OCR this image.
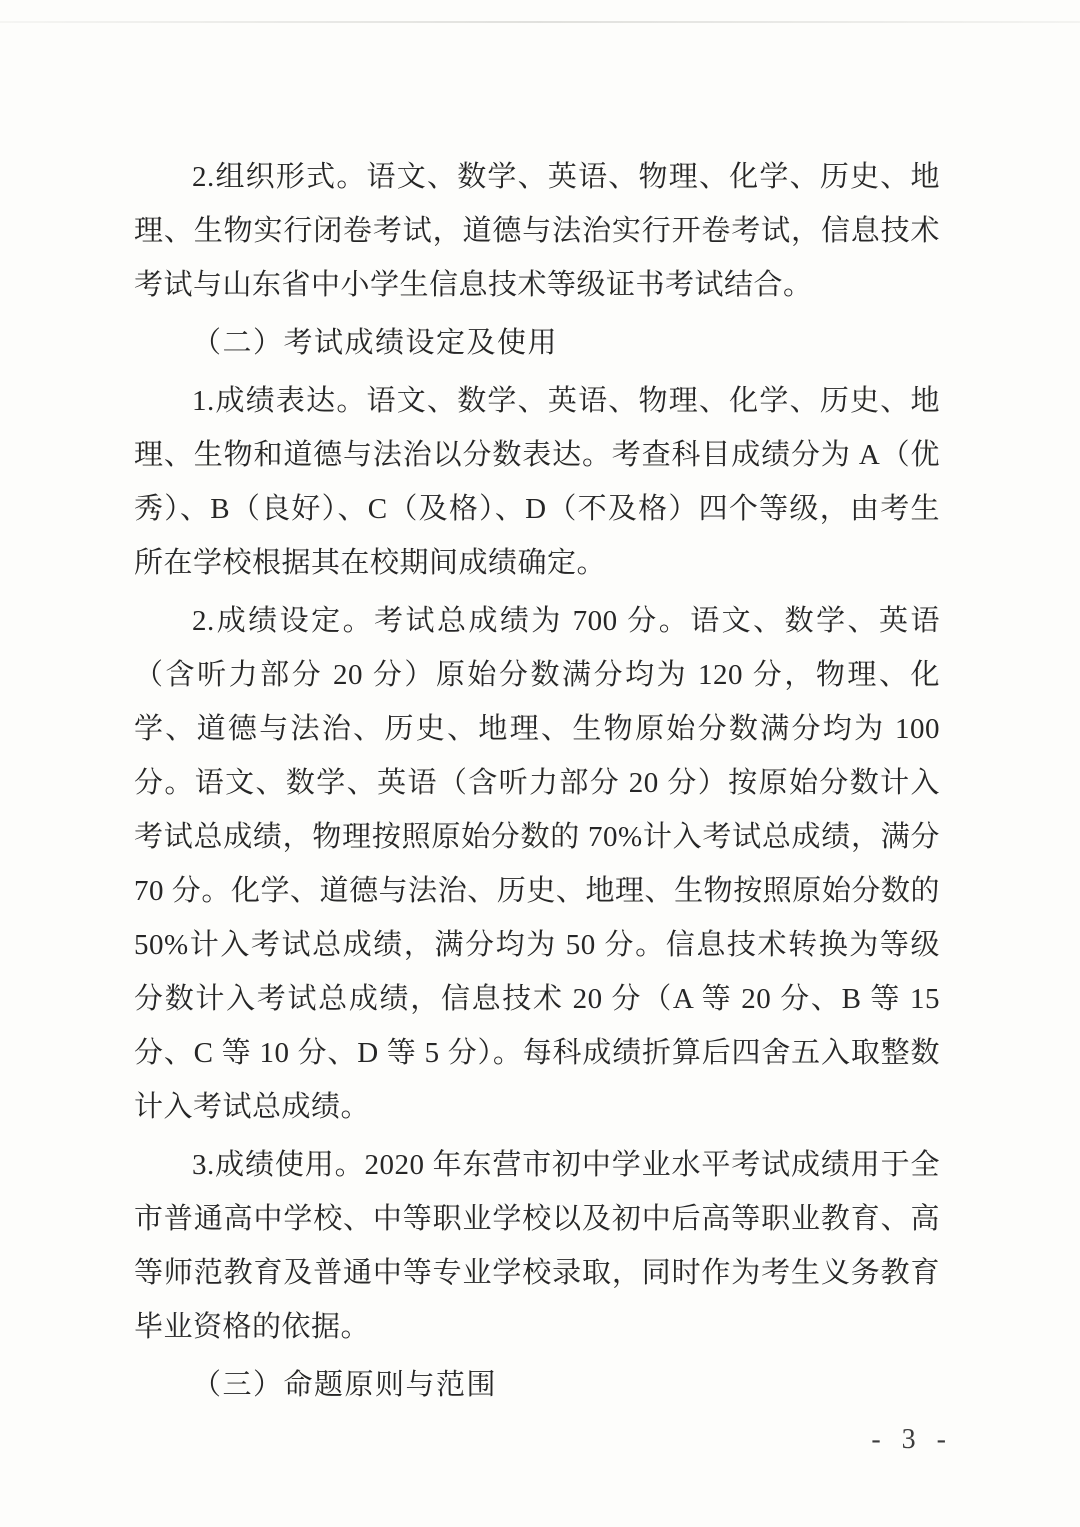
2.组织形式。语文、数学、英语、物理、化学、历史、地理、生物实行闭卷考试，道德与法治实行开卷考试，信息技术考试与山东省中小学生信息技术等级证书考试结合。

（二）考试成绩设定及使用

1.成绩表达。语文、数学、英语、物理、化学、历史、地理、生物和道德与法治以分数表达。考查科目成绩分为 A（优秀）、B（良好）、C（及格）、D（不及格）四个等级，由考生所在学校根据其在校期间成绩确定。

2.成绩设定。考试总成绩为 700 分。语文、数学、英语（含听力部分 20 分）原始分数满分均为 120 分，物理、化学、道德与法治、历史、地理、生物原始分数满分均为 100 分。语文、数学、英语（含听力部分 20 分）按原始分数计入考试总成绩，物理按照原始分数的 70%计入考试总成绩，满分 70 分。化学、道德与法治、历史、地理、生物按照原始分数的 50%计入考试总成绩，满分均为 50 分。信息技术转换为等级分数计入考试总成绩，信息技术 20 分（A 等 20 分、B 等 15 分、C 等 10 分、D 等 5 分）。每科成绩折算后四舍五入取整数计入考试总成绩。

3.成绩使用。2020 年东营市初中学业水平考试成绩用于全市普通高中学校、中等职业学校以及初中后高等职业教育、高等师范教育及普通中等专业学校录取，同时作为考生义务教育毕业资格的依据。

（三）命题原则与范围

- 3 -
